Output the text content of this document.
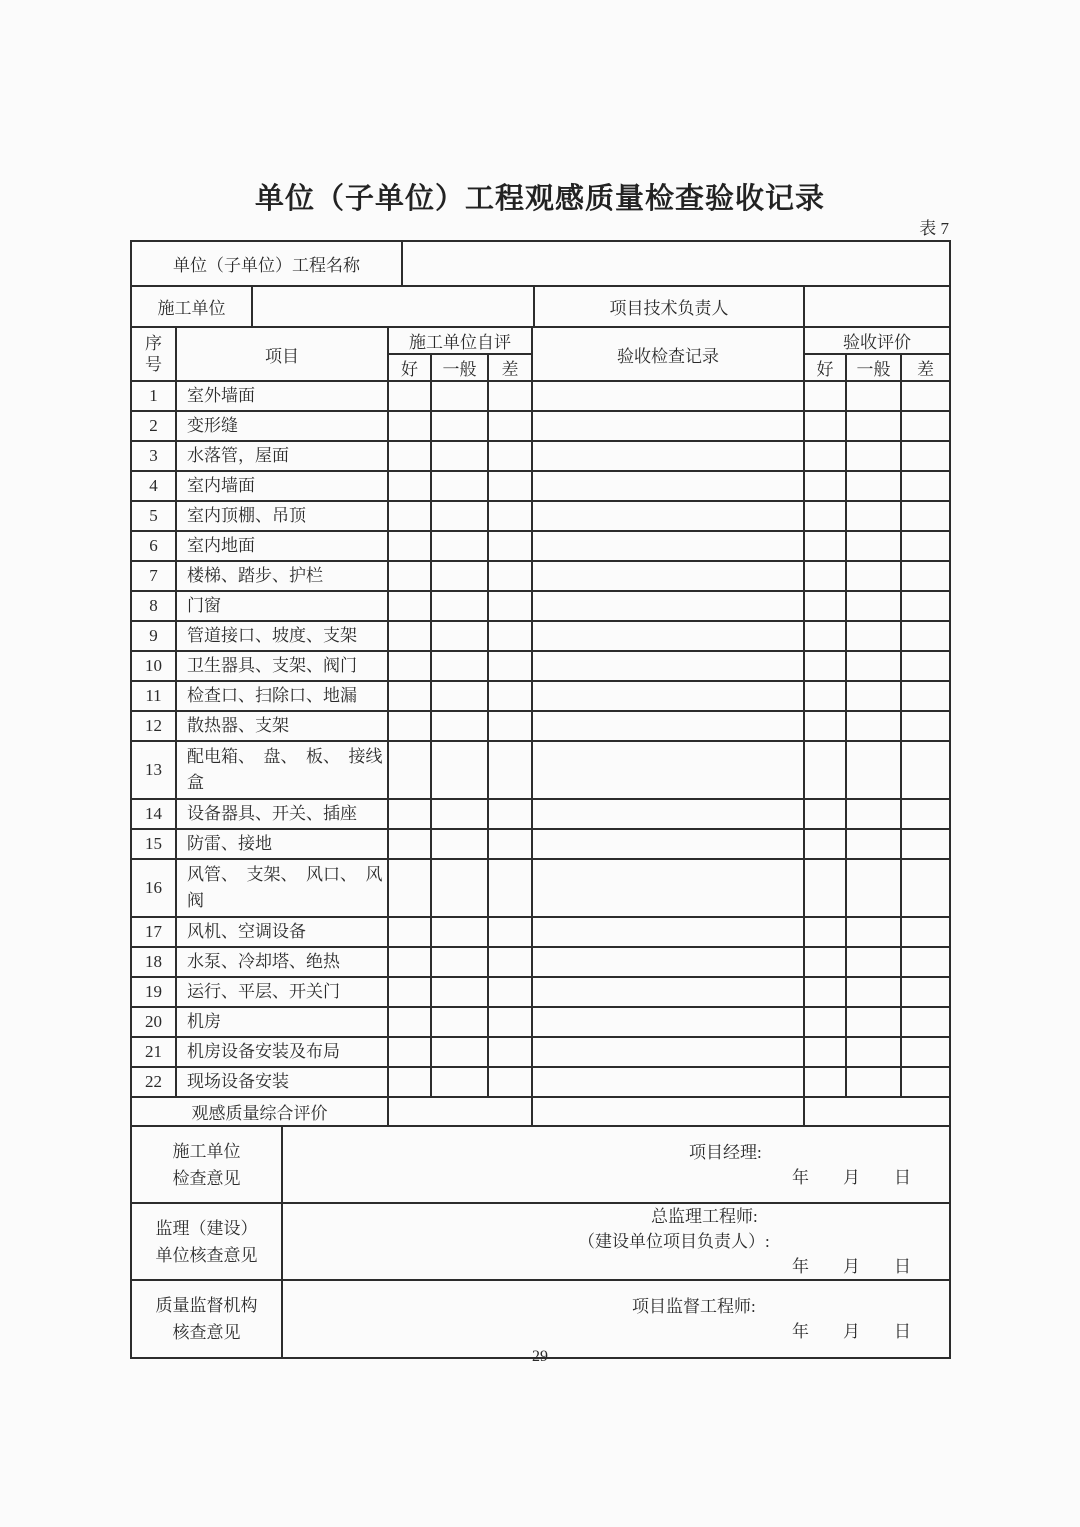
单位（子单位）工程观感质量检查验收记录
表 7
单位（子单位）工程名称				
施工单位			项目技术负责人	
序号	项目	施工单位自评			验收检查记录	验收评价		
		好	一般	差		好	一般	差
1	室外墙面							
2	变形缝							
3	水落管，屋面							
4	室内墙面							
5	室内顶棚、吊顶							
6	室内地面							
7	楼梯、踏步、护栏							
8	门窗							
9	管道接口、坡度、支架							
10	卫生器具、支架、阀门							
11	检查口、扫除口、地漏							
12	散热器、支架							
13	配电箱、　盘、　板、　接线盒							
14	设备器具、开关、插座							
15	防雷、接地							
16	风管、　支架、　风口、　风阀							
17	风机、空调设备							
18	水泵、冷却塔、绝热							
19	运行、平层、开关门							
20	机房							
21	机房设备安装及布局							
22	现场设备安装							
观感质量综合评价								
施工单位
检查意见

项目经理:
年　　月　　日

监理（建设）
单位核查意见

总监理工程师:
（建设单位项目负责人）:
年　　月　　日

质量监督机构
核查意见

项目监督工程师:
年　　月　　日
29
